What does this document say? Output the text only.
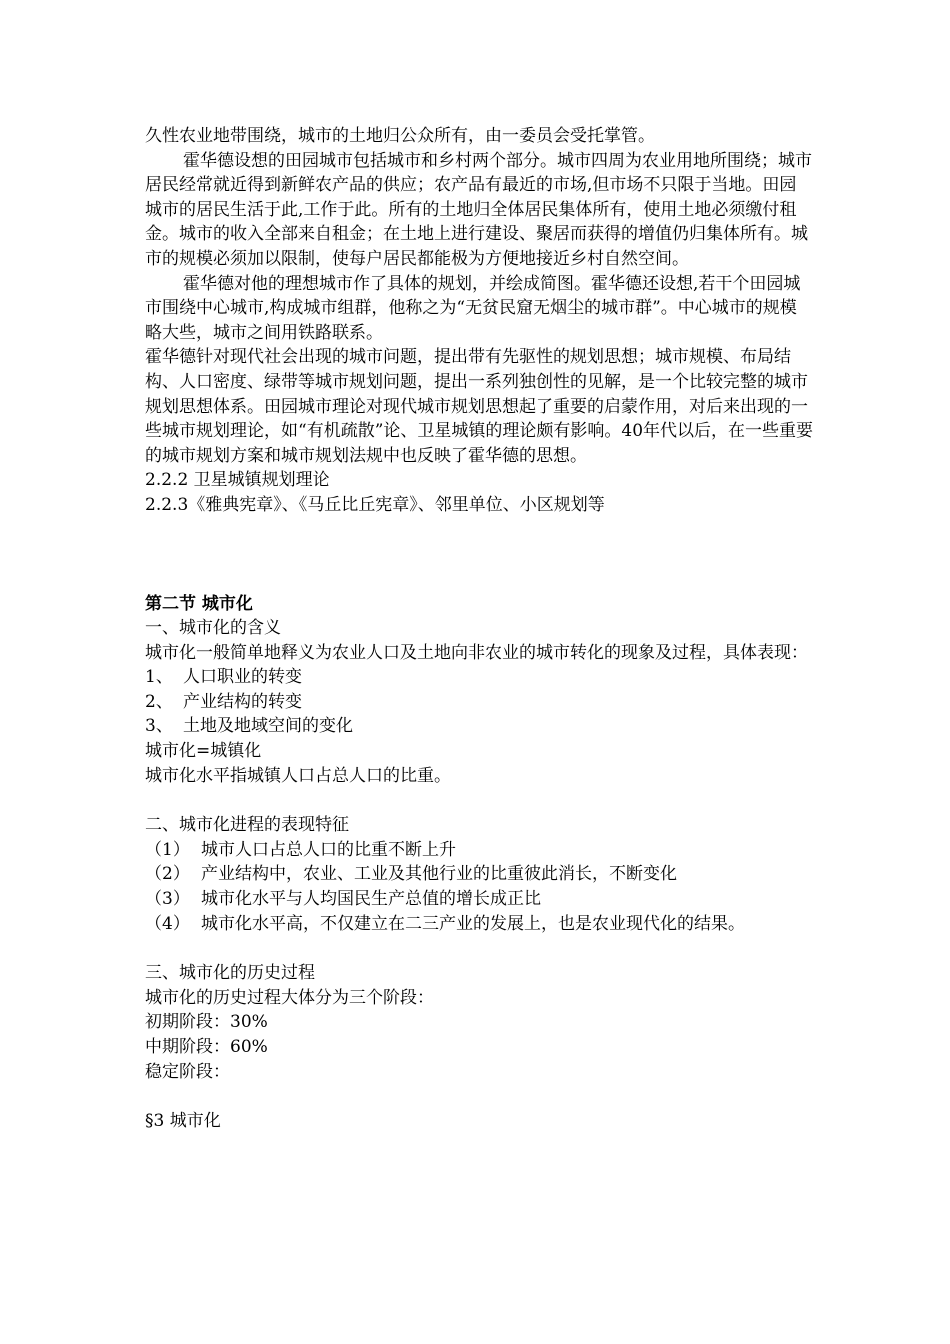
久性农业地带围绕，城市的土地归公众所有，由一委员会受托掌管。

霍华德设想的田园城市包括城市和乡村两个部分。城市四周为农业用地所围绕；城市居民经常就近得到新鲜农产品的供应；农产品有最近的市场,但市场不只限于当地。田园城市的居民生活于此,工作于此。所有的土地归全体居民集体所有，使用土地必须缴付租金。城市的收入全部来自租金；在土地上进行建设、聚居而获得的增值仍归集体所有。城市的规模必须加以限制，使每户居民都能极为方便地接近乡村自然空间。

霍华德对他的理想城市作了具体的规划，并绘成简图。霍华德还设想,若干个田园城市围绕中心城市,构成城市组群，他称之为“无贫民窟无烟尘的城市群”。中心城市的规模略大些，城市之间用铁路联系。

霍华德针对现代社会出现的城市问题，提出带有先驱性的规划思想；城市规模、布局结构、人口密度、绿带等城市规划问题，提出一系列独创性的见解，是一个比较完整的城市规划思想体系。田园城市理论对现代城市规划思想起了重要的启蒙作用，对后来出现的一些城市规划理论，如“有机疏散”论、卫星城镇的理论颇有影响。40年代以后，在一些重要的城市规划方案和城市规划法规中也反映了霍华德的思想。

2.2.2 卫星城镇规划理论

2.2.3《雅典宪章》、《马丘比丘宪章》、邻里单位、小区规划等

第二节 城市化

一、城市化的含义

城市化一般简单地释义为农业人口及土地向非农业的城市转化的现象及过程，具体表现：

1、 人口职业的转变
2、 产业结构的转变
3、 土地及地域空间的变化

城市化=城镇化

城市化水平指城镇人口占总人口的比重。

二、城市化进程的表现特征

（1） 城市人口占总人口的比重不断上升
（2） 产业结构中，农业、工业及其他行业的比重彼此消长，不断变化
（3） 城市化水平与人均国民生产总值的增长成正比
（4） 城市化水平高，不仅建立在二三产业的发展上，也是农业现代化的结果。

三、城市化的历史过程

城市化的历史过程大体分为三个阶段：

初期阶段：30%

中期阶段：60%

稳定阶段：

§3 城市化
